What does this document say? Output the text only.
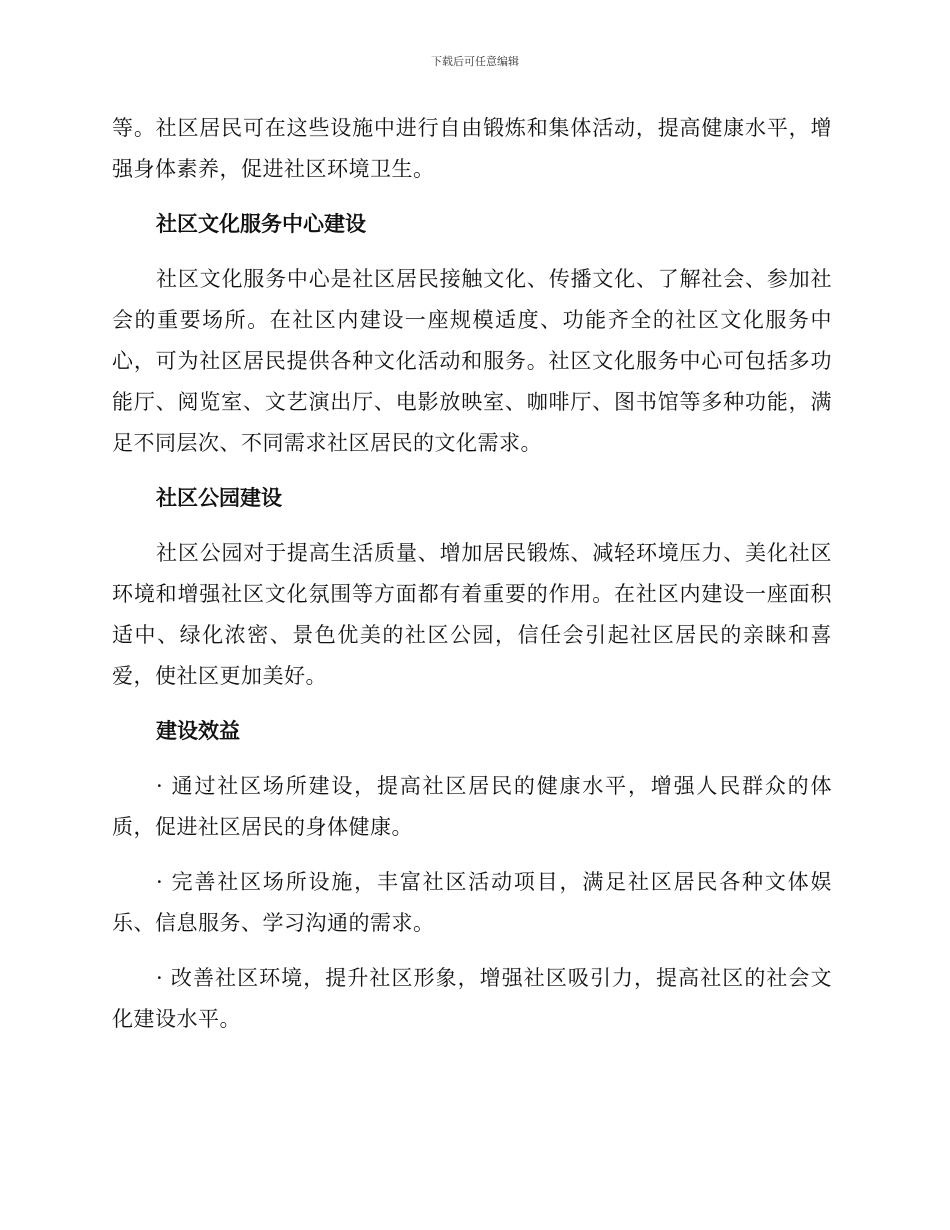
下载后可任意编辑

等。社区居民可在这些设施中进行自由锻炼和集体活动，提高健康水平，增强身体素养，促进社区环境卫生。

社区文化服务中心建设

社区文化服务中心是社区居民接触文化、传播文化、了解社会、参加社会的重要场所。在社区内建设一座规模适度、功能齐全的社区文化服务中心，可为社区居民提供各种文化活动和服务。社区文化服务中心可包括多功能厅、阅览室、文艺演出厅、电影放映室、咖啡厅、图书馆等多种功能，满足不同层次、不同需求社区居民的文化需求。

社区公园建设

社区公园对于提高生活质量、增加居民锻炼、减轻环境压力、美化社区环境和增强社区文化氛围等方面都有着重要的作用。在社区内建设一座面积适中、绿化浓密、景色优美的社区公园，信任会引起社区居民的亲睐和喜爱，使社区更加美好。

建设效益

· 通过社区场所建设，提高社区居民的健康水平，增强人民群众的体质，促进社区居民的身体健康。

· 完善社区场所设施，丰富社区活动项目，满足社区居民各种文体娱乐、信息服务、学习沟通的需求。

· 改善社区环境，提升社区形象，增强社区吸引力，提高社区的社会文化建设水平。
